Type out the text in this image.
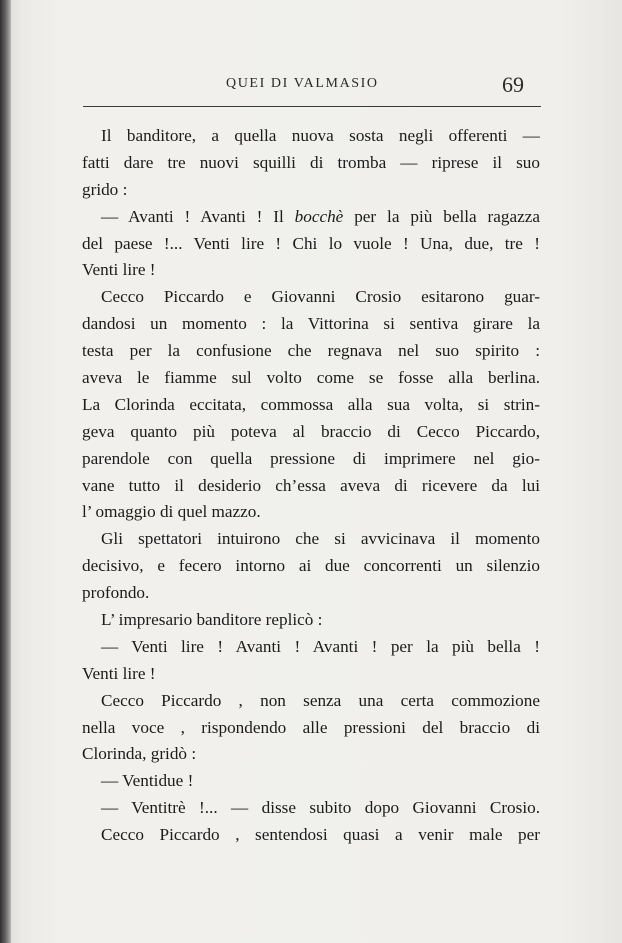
QUEI DI VALMASIO	69
Il banditore, a quella nuova sosta negli offerenti —
fatti dare tre nuovi squilli di tromba — riprese il suo
grido :
— Avanti ! Avanti ! Il bocchè per la più bella ragazza
del paese !... Venti lire ! Chi lo vuole ! Una, due, tre !
Venti lire !
Cecco Piccardo e Giovanni Crosio esitarono guar-
dandosi un momento : la Vittorina si sentiva girare la
testa per la confusione che regnava nel suo spirito :
aveva le fiamme sul volto come se fosse alla berlina.
La Clorinda eccitata, commossa alla sua volta, si strin-
geva quanto più poteva al braccio di Cecco Piccardo,
parendole con quella pressione di imprimere nel gio-
vane tutto il desiderio ch’essa aveva di ricevere da lui
l’ omaggio di quel mazzo.
Gli spettatori intuirono che si avvicinava il momento
decisivo, e fecero intorno ai due concorrenti un silenzio
profondo.
L’ impresario banditore replicò :
— Venti lire ! Avanti ! Avanti ! per la più bella !
Venti lire !
Cecco Piccardo , non senza una certa commozione
nella voce , rispondendo alle pressioni del braccio di
Clorinda, gridò :
— Ventidue !
— Ventitrè !... — disse subito dopo Giovanni Crosio.
Cecco Piccardo , sentendosi quasi a venir male per
